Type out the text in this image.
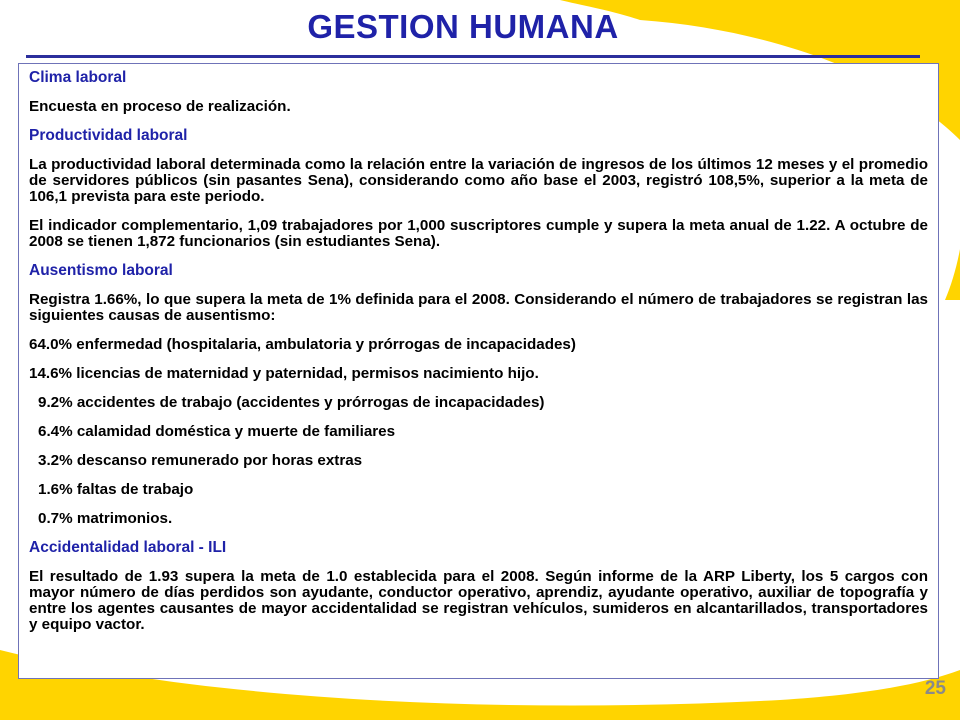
GESTION HUMANA
Clima laboral

Encuesta en proceso de realización.

Productividad laboral

La productividad laboral determinada como la relación entre la variación de ingresos de los últimos 12 meses y el promedio de servidores públicos (sin pasantes Sena), considerando como año base el 2003, registró 108,5%, superior a la meta de 106,1 prevista para este periodo.

El indicador complementario, 1,09 trabajadores por 1,000 suscriptores cumple y supera la meta anual de 1.22. A octubre de 2008 se tienen 1,872 funcionarios (sin estudiantes Sena).

Ausentismo laboral

Registra 1.66%, lo que supera la meta de 1% definida para el 2008. Considerando el número de trabajadores se registran las siguientes causas de ausentismo:

64.0% enfermedad (hospitalaria, ambulatoria y prórrogas de incapacidades)

14.6% licencias de maternidad y paternidad, permisos nacimiento hijo.

9.2% accidentes de trabajo (accidentes y prórrogas de incapacidades)

6.4% calamidad doméstica y muerte de familiares

3.2% descanso remunerado por horas extras

1.6% faltas de trabajo

0.7% matrimonios.

Accidentalidad laboral - ILI

El resultado de 1.93 supera la meta de 1.0 establecida para el 2008. Según informe de la ARP Liberty, los 5 cargos con mayor número de días perdidos son ayudante, conductor operativo, aprendiz, ayudante operativo, auxiliar de topografía y entre los agentes causantes de mayor accidentalidad se registran vehículos, sumideros en alcantarillados, transportadores y equipo vactor.

25
